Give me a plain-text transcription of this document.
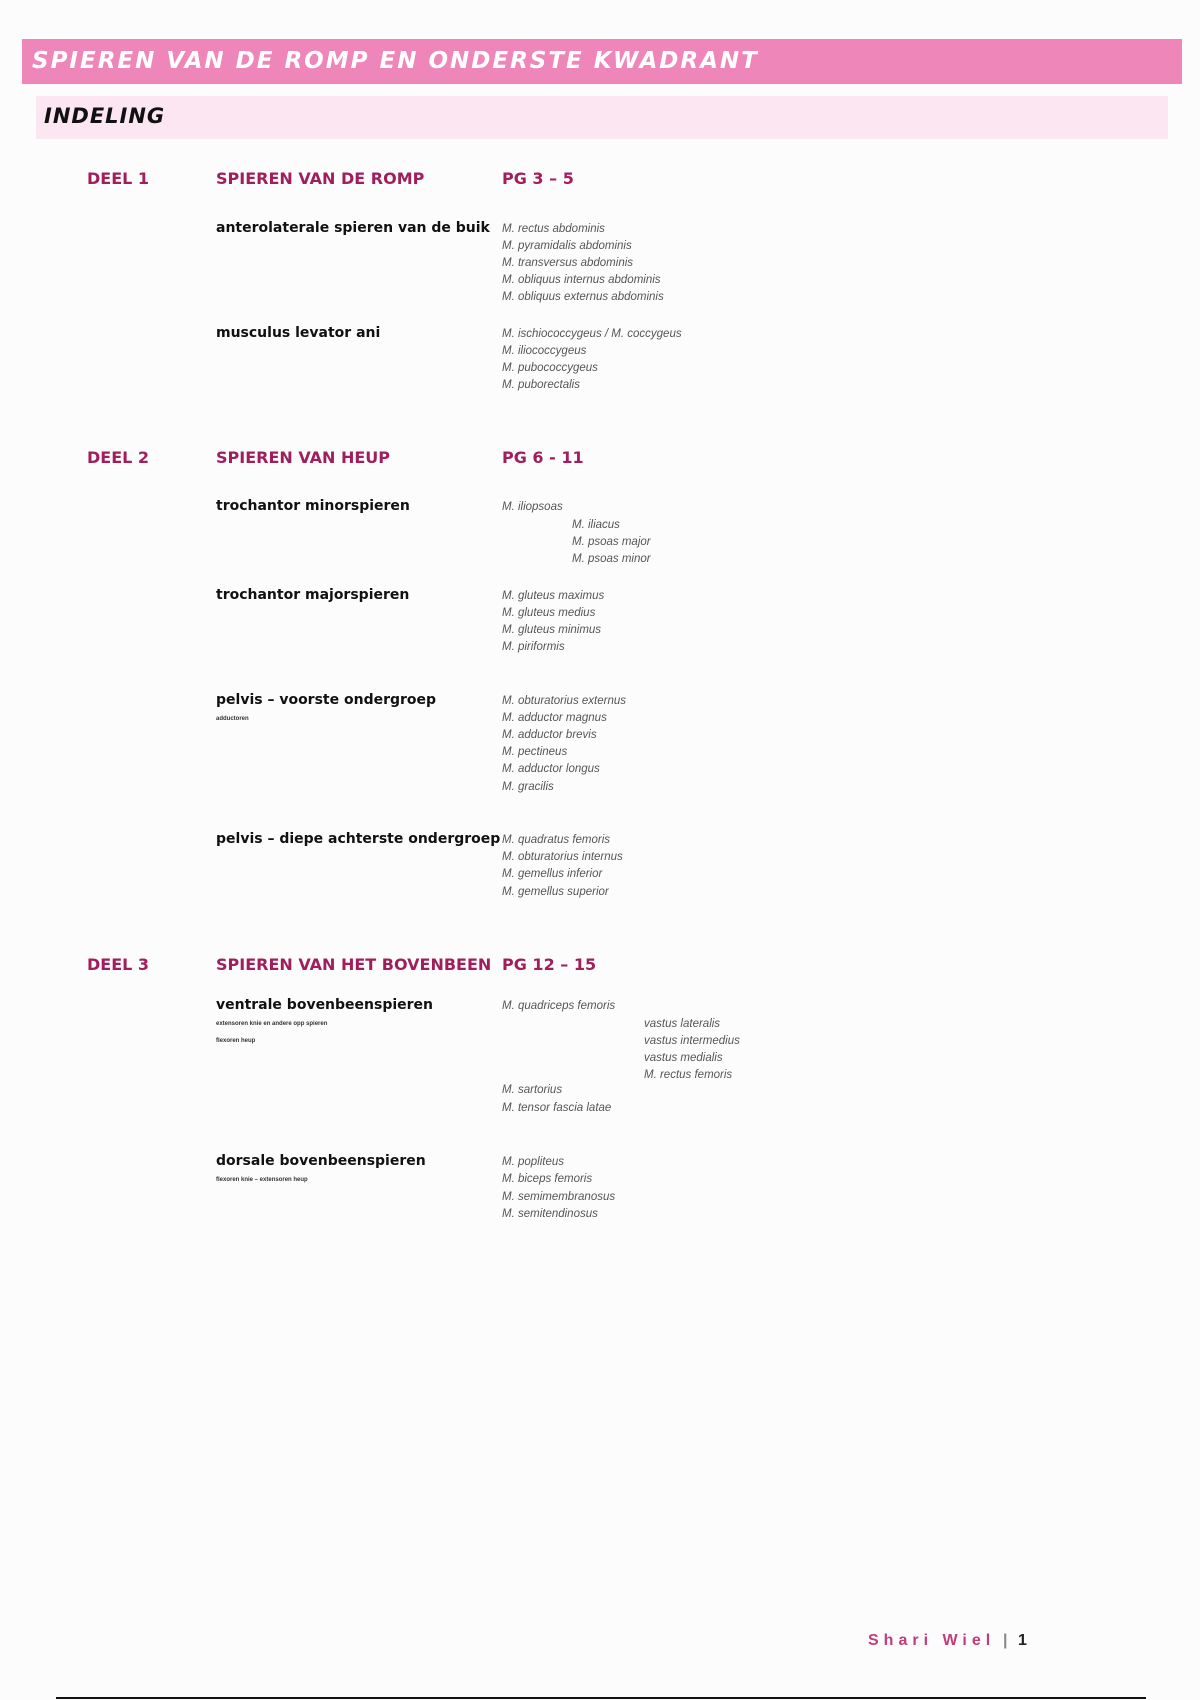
SPIEREN VAN DE ROMP EN ONDERSTE KWADRANT
INDELING
DEEL 1	SPIEREN VAN DE ROMP	PG 3 – 5
anterolaterale spieren van de buik M. rectus abdominis
M. pyramidalis abdominis
M. transversus abdominis
M. obliquus internus abdominis
M. obliquus externus abdominis
musculus levator ani	M. ischiococcygeus / M. coccygeus
M. iliococcygeus
M. pubococcygeus
M. puborectalis
DEEL 2	SPIEREN VAN HEUP	PG 6 - 11
trochantor minorspieren	M. iliopsoas
M. iliacus
M. psoas major
M. psoas minor
trochantor majorspieren	M. gluteus maximus
M. gluteus medius
M. gluteus minimus
M. piriformis
pelvis – voorste ondergroep
adductoren
M. obturatorius externus
M. adductor magnus
M. adductor brevis
M. pectineus
M. adductor longus
M. gracilis
pelvis – diepe achterste ondergroep M. quadratus femoris
M. obturatorius internus
M. gemellus inferior
M. gemellus superior
DEEL 3	SPIEREN VAN HET BOVENBEEN PG 12 – 15
ventrale bovenbeenspieren
extensoren knie en andere opp spieren
flexoren heup
M. quadriceps femoris
vastus lateralis
vastus intermedius
vastus medialis
M. rectus femoris
M. sartorius
M. tensor fascia latae
dorsale bovenbeenspieren
flexoren knie – extensoren heup
M. popliteus
M. biceps femoris
M. semimembranosus
M. semitendinosus
Shari Wiel | 1
